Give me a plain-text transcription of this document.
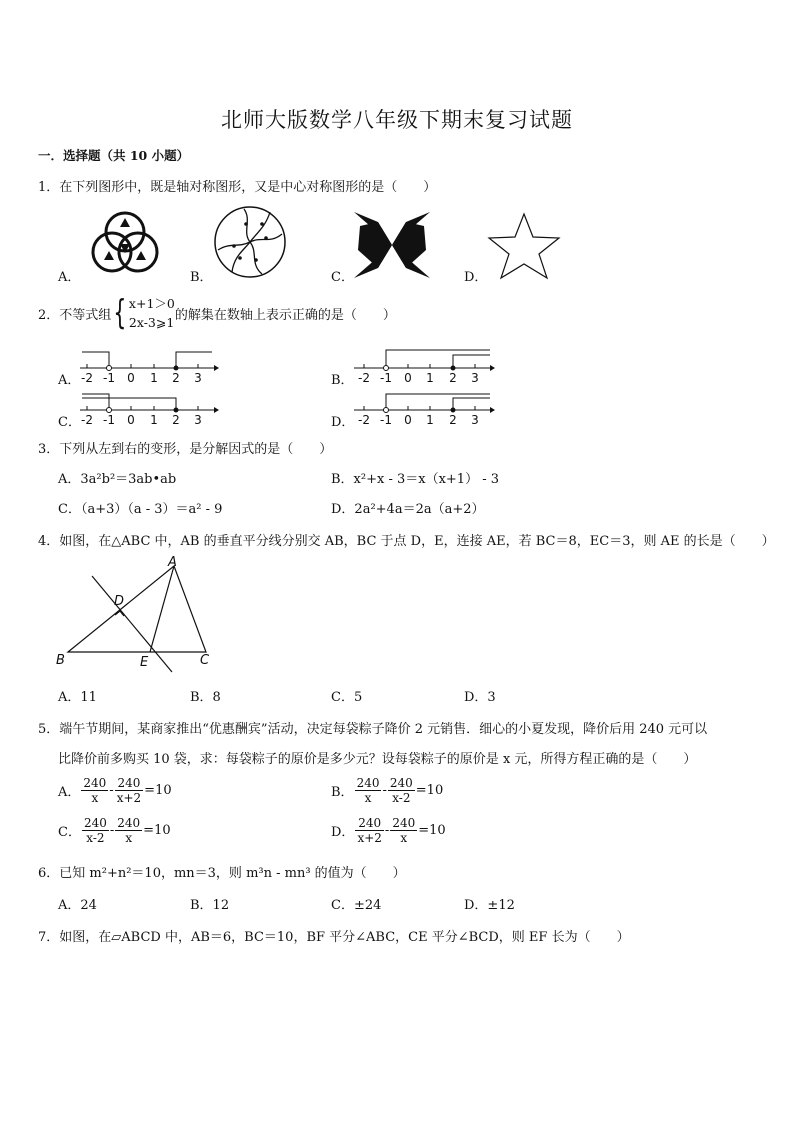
北师大版数学八年级下期末复习试题
一．选择题（共 10 小题）
1．在下列图形中，既是轴对称图形，又是中心对称图形的是（　　）
A．	B．	C．	D．
2．不等式组 { x+1＞0
2x-3⩾1 的解集在数轴上表示正确的是（　　）
A． -2 -1 0 1 2 3	B． -2 -1 0 1 2 3
C． -2 -1 0 1 2 3	D． -2 -1 0 1 2 3
3．下列从左到右的变形，是分解因式的是（　　）
A．3a²b²＝3ab•ab	B．x²+x - 3＝x（x+1） - 3
C．（a+3）（a - 3）＝a² - 9	D．2a²+4a＝2a（a+2）
4．如图，在△ABC 中，AB 的垂直平分线分别交 AB，BC 于点 D，E，连接 AE，若 BC＝8，EC＝3，则 AE 的长是（　　）
A
D
B	E	C
A．11	B．8	C．5	D．3
5．端午节期间，某商家推出“优惠酬宾”活动，决定每袋粽子降价 2 元销售．细心的小夏发现，降价后用 240 元可以
比降价前多购买 10 袋，求：每袋粽子的原价是多少元？设每袋粽子的原价是 x 元，所得方程正确的是（　　）
A． $\frac{240}{x} - \frac{240}{x+2} =10$	B． $\frac{240}{x} - \frac{240}{x-2} =10$
C． $\frac{240}{x-2} - \frac{240}{x} =10$	D． $\frac{240}{x+2} - \frac{240}{x} =10$
6．已知 m²+n²＝10，mn＝3，则 m³n - mn³ 的值为（　　）
A．24	B．12	C．±24	D．±12
7．如图，在▱ABCD 中，AB＝6，BC＝10，BF 平分∠ABC，CE 平分∠BCD，则 EF 长为（　　）
